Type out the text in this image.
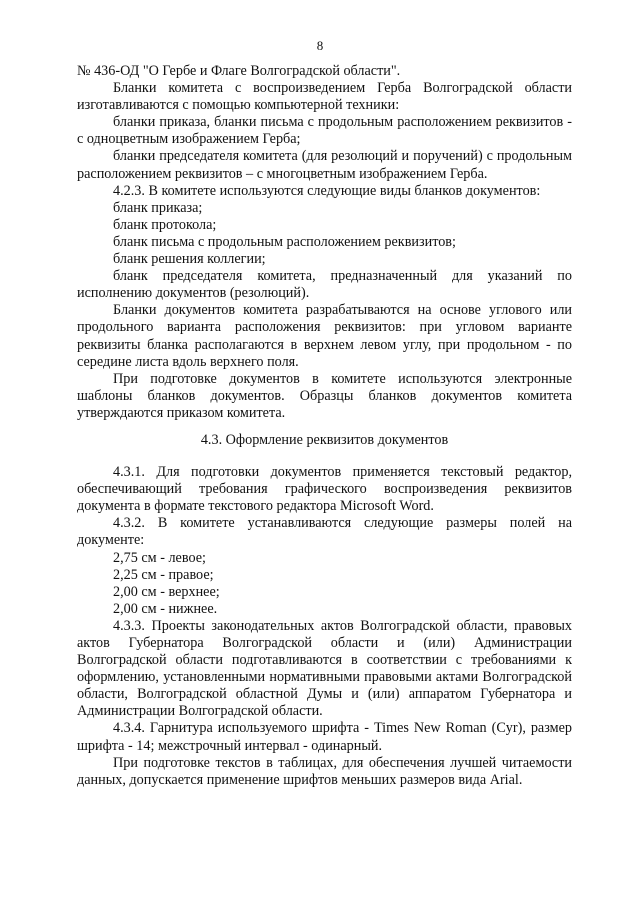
8

№ 436-ОД "О Гербе и Флаге Волгоградской области".

Бланки комитета с воспроизведением Герба Волгоградской области изготавливаются с помощью компьютерной техники:

бланки приказа, бланки письма с продольным расположением реквизитов - с одноцветным изображением Герба;

бланки председателя комитета (для резолюций и поручений) с продольным расположением реквизитов – с многоцветным изображением Герба.

4.2.3. В комитете используются следующие виды бланков документов:

бланк приказа;

бланк протокола;

бланк письма с продольным расположением реквизитов;

бланк решения коллегии;

бланк председателя комитета, предназначенный для указаний по исполнению документов (резолюций).

Бланки документов комитета разрабатываются на основе углового или продольного варианта расположения реквизитов: при угловом варианте реквизиты бланка располагаются в верхнем левом углу, при продольном - по середине листа вдоль верхнего поля.

При подготовке документов в комитете используются электронные шаблоны бланков документов. Образцы бланков документов комитета утверждаются приказом комитета.

4.3. Оформление реквизитов документов

4.3.1. Для подготовки документов применяется текстовый редактор, обеспечивающий требования графического воспроизведения реквизитов документа в формате текстового редактора Microsoft Word.

4.3.2. В комитете устанавливаются следующие размеры полей на документе:

2,75 см - левое;

2,25 см - правое;

2,00 см - верхнее;

2,00 см - нижнее.

4.3.3. Проекты законодательных актов Волгоградской области, правовых актов Губернатора Волгоградской области и (или) Администрации Волгоградской области подготавливаются в соответствии с требованиями к оформлению, установленными нормативными правовыми актами Волгоградской области, Волгоградской областной Думы и (или) аппаратом Губернатора и Администрации Волгоградской области.

4.3.4. Гарнитура используемого шрифта - Times New Roman (Cyr), размер шрифта - 14; межстрочный интервал - одинарный.

При подготовке текстов в таблицах, для обеспечения лучшей читаемости данных, допускается применение шрифтов меньших размеров вида Arial.
